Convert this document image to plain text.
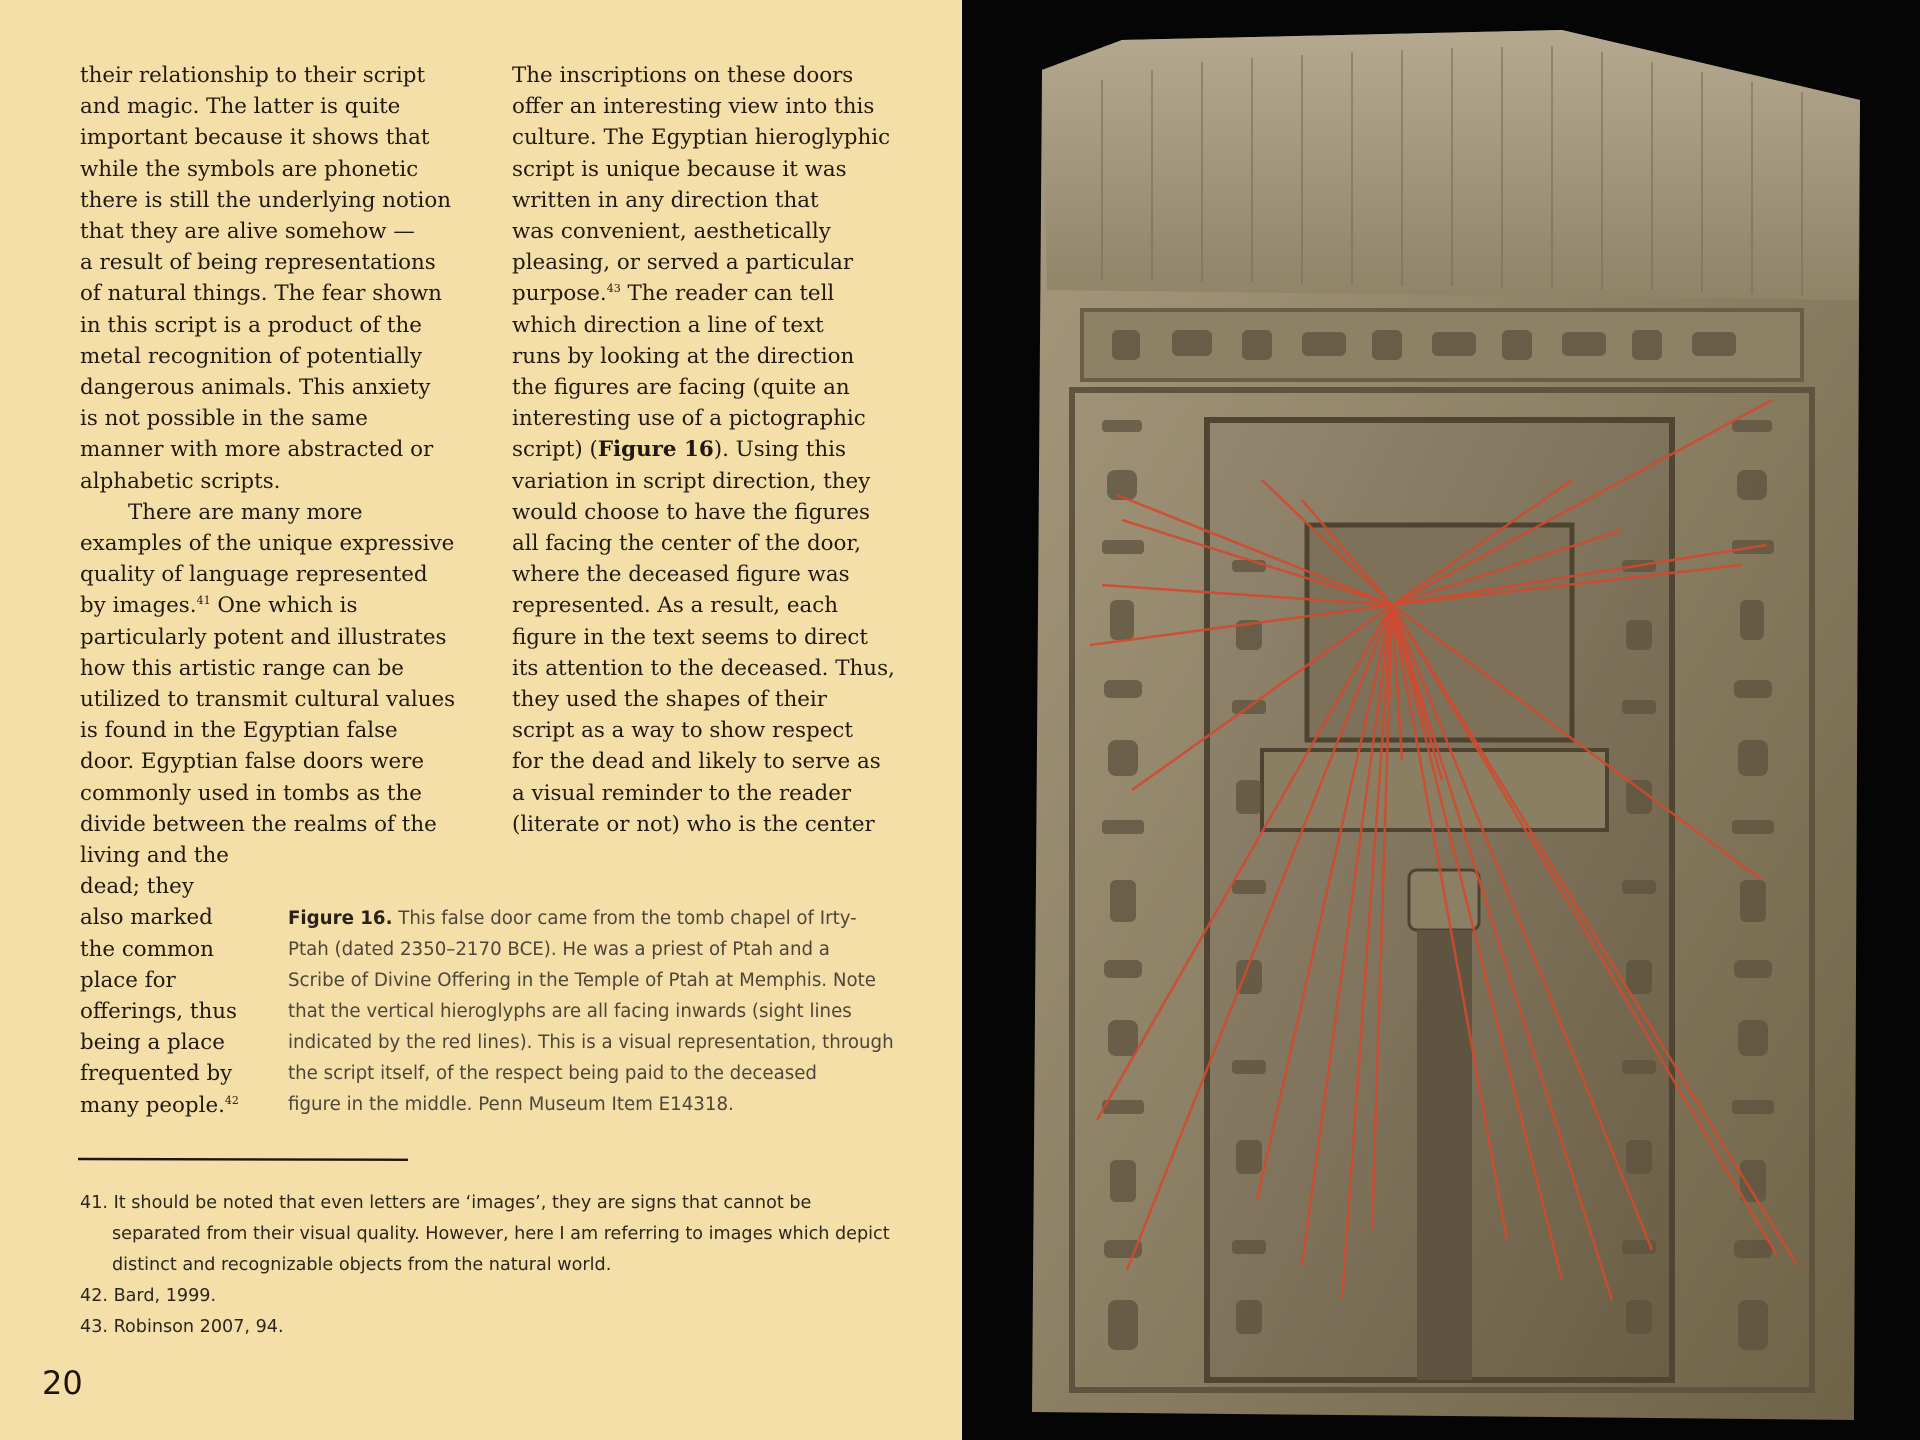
their relationship to their script
and magic. The latter is quite
important because it shows that
while the symbols are phonetic
there is still the underlying notion
that they are alive somehow —
a result of being representations
of natural things. The fear shown
in this script is a product of the
metal recognition of potentially
dangerous animals. This anxiety
is not possible in the same
manner with more abstracted or
alphabetic scripts.
There are many more
examples of the unique expressive
quality of language represented
by images.$^{41}$ One which is
particularly potent and illustrates
how this artistic range can be
utilized to transmit cultural values
is found in the Egyptian false
door. Egyptian false doors were
commonly used in tombs as the
divide between the realms of the

living and the
dead; they
also marked
the common
place for
offerings, thus
being a place
frequented by
many people.$^{42}$

The inscriptions on these doors
offer an interesting view into this
culture. The Egyptian hieroglyphic
script is unique because it was
written in any direction that
was convenient, aesthetically
pleasing, or served a particular
purpose.$^{43}$ The reader can tell
which direction a line of text
runs by looking at the direction
the figures are facing (quite an
interesting use of a pictographic
script) (Figure 16). Using this
variation in script direction, they
would choose to have the figures
all facing the center of the door,
where the deceased figure was
represented. As a result, each
figure in the text seems to direct
its attention to the deceased. Thus,
they used the shapes of their
script as a way to show respect
for the dead and likely to serve as
a visual reminder to the reader
(literate or not) who is the center

Figure 16. This false door came from the tomb chapel of Irty-
Ptah (dated 2350–2170 BCE). He was a priest of Ptah and a
Scribe of Divine Offering in the Temple of Ptah at Memphis. Note
that the vertical hieroglyphs are all facing inwards (sight lines
indicated by the red lines). This is a visual representation, through
the script itself, of the respect being paid to the deceased
figure in the middle. Penn Museum Item E14318.

41. It should be noted that even letters are ‘images’, they are signs that cannot be separated from their visual quality. However, here I am referring to images which depict distinct and recognizable objects from the natural world.
42. Bard, 1999.
43. Robinson 2007, 94.
20
